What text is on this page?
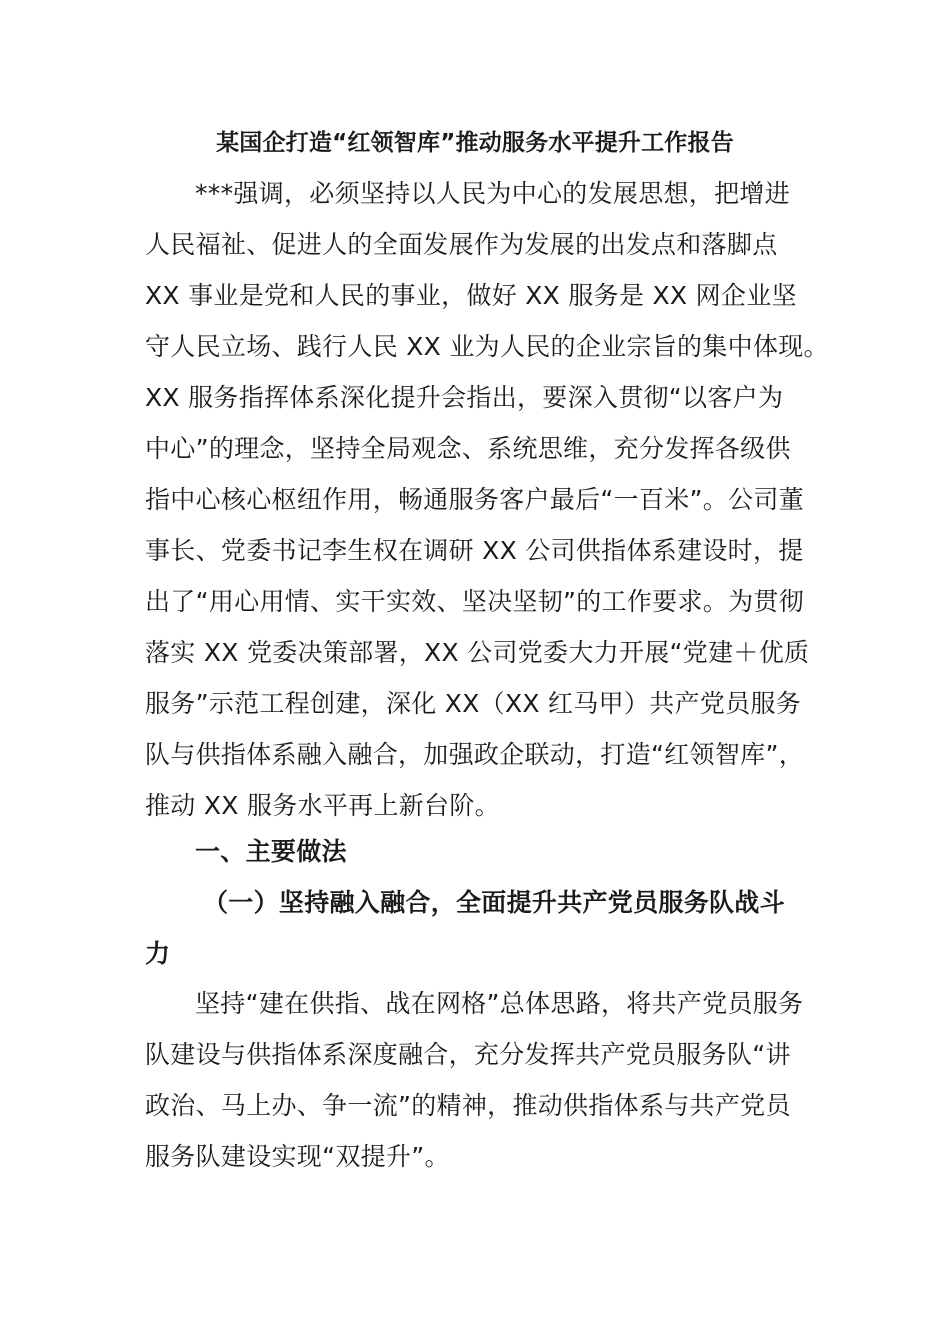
某国企打造“红领智库”推动服务水平提升工作报告
***强调，必须坚持以人民为中心的发展思想，把增进
人民福祉、促进人的全面发展作为发展的出发点和落脚点
XX 事业是党和人民的事业，做好 XX 服务是 XX 网企业坚
守人民立场、践行人民 XX 业为人民的企业宗旨的集中体现。
XX 服务指挥体系深化提升会指出，要深入贯彻“以客户为
中心”的理念，坚持全局观念、系统思维，充分发挥各级供
指中心核心枢纽作用，畅通服务客户最后“一百米”。公司董
事长、党委书记李生权在调研 XX 公司供指体系建设时，提
出了“用心用情、实干实效、坚决坚韧”的工作要求。为贯彻
落实 XX 党委决策部署，XX 公司党委大力开展“党建＋优质
服务”示范工程创建，深化 XX（XX 红马甲）共产党员服务
队与供指体系融入融合，加强政企联动，打造“红领智库”，
推动 XX 服务水平再上新台阶。
一、主要做法
（一）坚持融入融合，全面提升共产党员服务队战斗
力
坚持“建在供指、战在网格”总体思路，将共产党员服务
队建设与供指体系深度融合，充分发挥共产党员服务队“讲
政治、马上办、争一流”的精神，推动供指体系与共产党员
服务队建设实现“双提升”。
